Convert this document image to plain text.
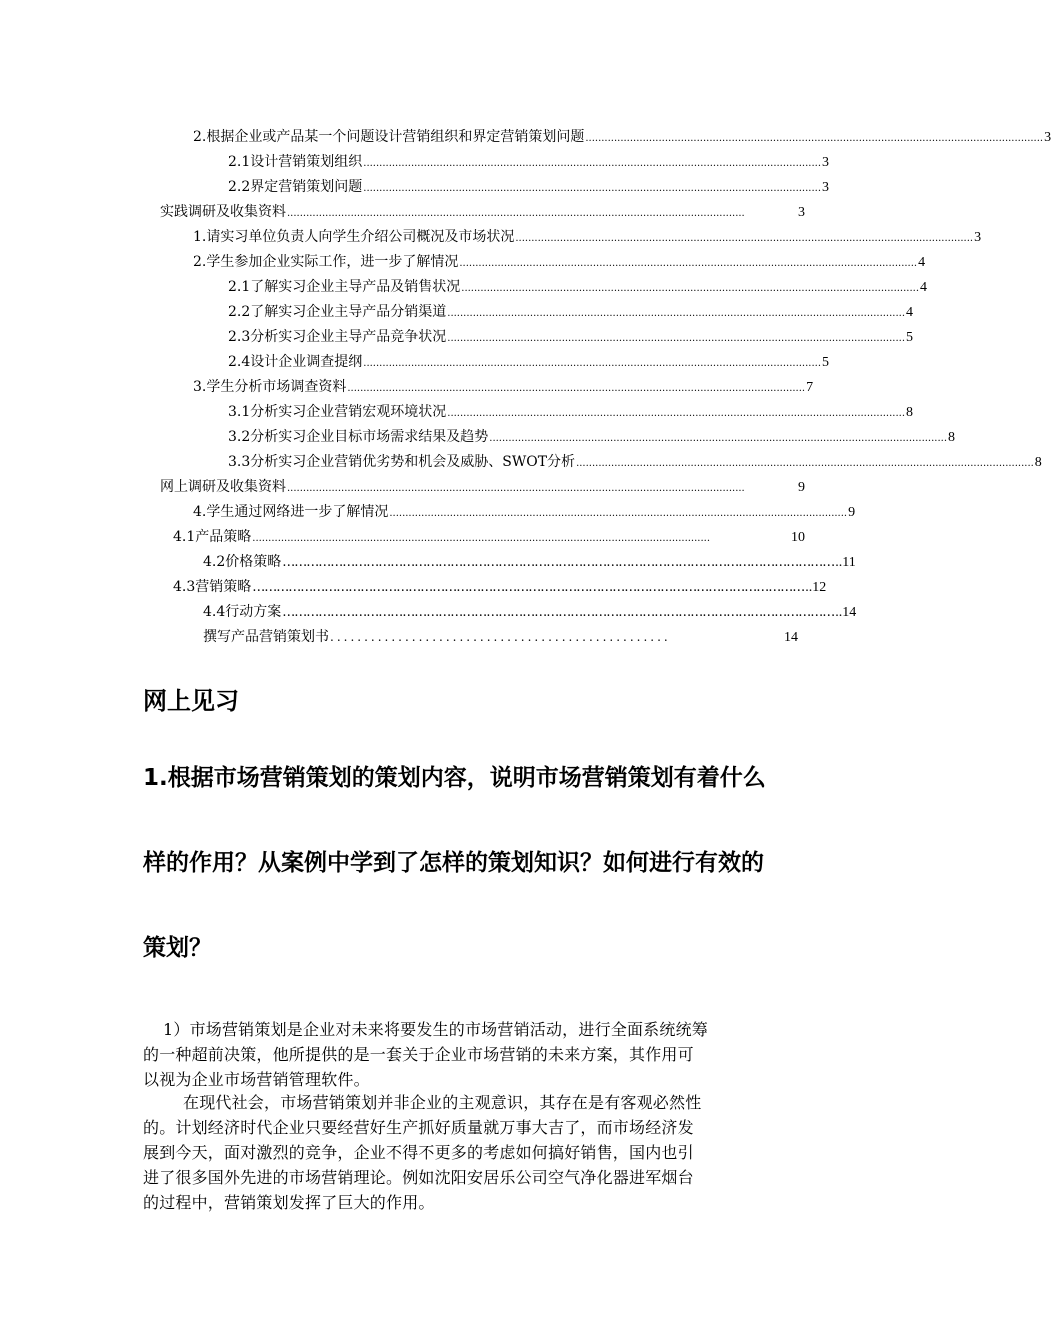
2.根据企业或产品某一个问题设计营销组织和界定营销策划问题 ................................................................................................................................................ 3
2.1设计营销策划组织 ................................................................................................................................................ 3
2.2界定营销策划问题 ................................................................................................................................................ 3
实践调研及收集资料 ................................................................................................................................................	3
1.请实习单位负责人向学生介绍公司概况及市场状况 ................................................................................................................................................ 3
2.学生参加企业实际工作，进一步了解情况 ................................................................................................................................................ 4
2.1了解实习企业主导产品及销售状况 ................................................................................................................................................ 4
2.2了解实习企业主导产品分销渠道 ................................................................................................................................................ 4
2.3分析实习企业主导产品竞争状况 ................................................................................................................................................ 5
2.4设计企业调查提纲 ................................................................................................................................................ 5
3.学生分析市场调查资料 ................................................................................................................................................ 7
3.1分析实习企业营销宏观环境状况 ................................................................................................................................................ 8
3.2分析实习企业目标市场需求结果及趋势 ................................................................................................................................................ 8
3.3分析实习企业营销优劣势和机会及威胁、SWOT分析 ................................................................................................................................................ 8
网上调研及收集资料 ................................................................................................................................................	9
4.学生通过网络进一步了解情况 ................................................................................................................................................ 9
4.1产品策略 ................................................................................................................................................	10
4.2价格策略 ………………………………………………………………………………………………………………………… ..11
4.3营销策略 ………………………………………………………………………………………………………………………… ..12
4.4行动方案 ………………………………………………………………………………………………………………………… ..14
撰写产品营销策划书 ..................................................	14
网上见习
1.根据市场营销策划的策划内容，说明市场营销策划有着什么
样的作用？从案例中学到了怎样的策划知识？如何进行有效的
策划？
1）市场营销策划是企业对未来将要发生的市场营销活动，进行全面系统统筹
的一种超前决策，他所提供的是一套关于企业市场营销的未来方案，其作用可
以视为企业市场营销管理软件。
在现代社会，市场营销策划并非企业的主观意识，其存在是有客观必然性
的。计划经济时代企业只要经营好生产抓好质量就万事大吉了，而市场经济发
展到今天，面对激烈的竞争，企业不得不更多的考虑如何搞好销售，国内也引
进了很多国外先进的市场营销理论。例如沈阳安居乐公司空气净化器进军烟台
的过程中，营销策划发挥了巨大的作用。
